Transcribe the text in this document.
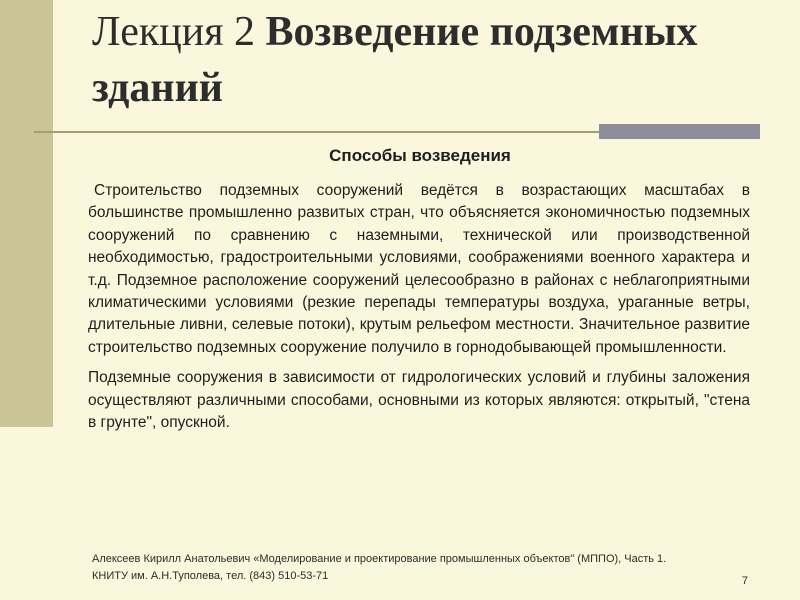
Лекция 2 Возведение подземных зданий
Способы возведения

Строительство подземных сооружений ведётся в возрастающих масштабах в большинстве промышленно развитых стран, что объясняется экономичностью подземных сооружений по сравнению с наземными, технической или производственной необходимостью, градостроительными условиями, соображениями военного характера и т.д. Подземное расположение сооружений целесообразно в районах с неблагоприятными климатическими условиями (резкие перепады температуры воздуха, ураганные ветры, длительные ливни, селевые потоки), крутым рельефом местности. Значительное развитие строительство подземных сооружение получило в горнодобывающей промышленности.

Подземные сооружения в зависимости от гидрологических условий и глубины заложения осуществляют различными способами, основными из которых являются: открытый, "стена в грунте", опускной.

Алексеев Кирилл Анатольевич «Моделирование и проектирование промышленных объектов" (МППО), Часть 1.
КНИТУ им. А.Н.Туполева, тел. (843) 510-53-71	7
